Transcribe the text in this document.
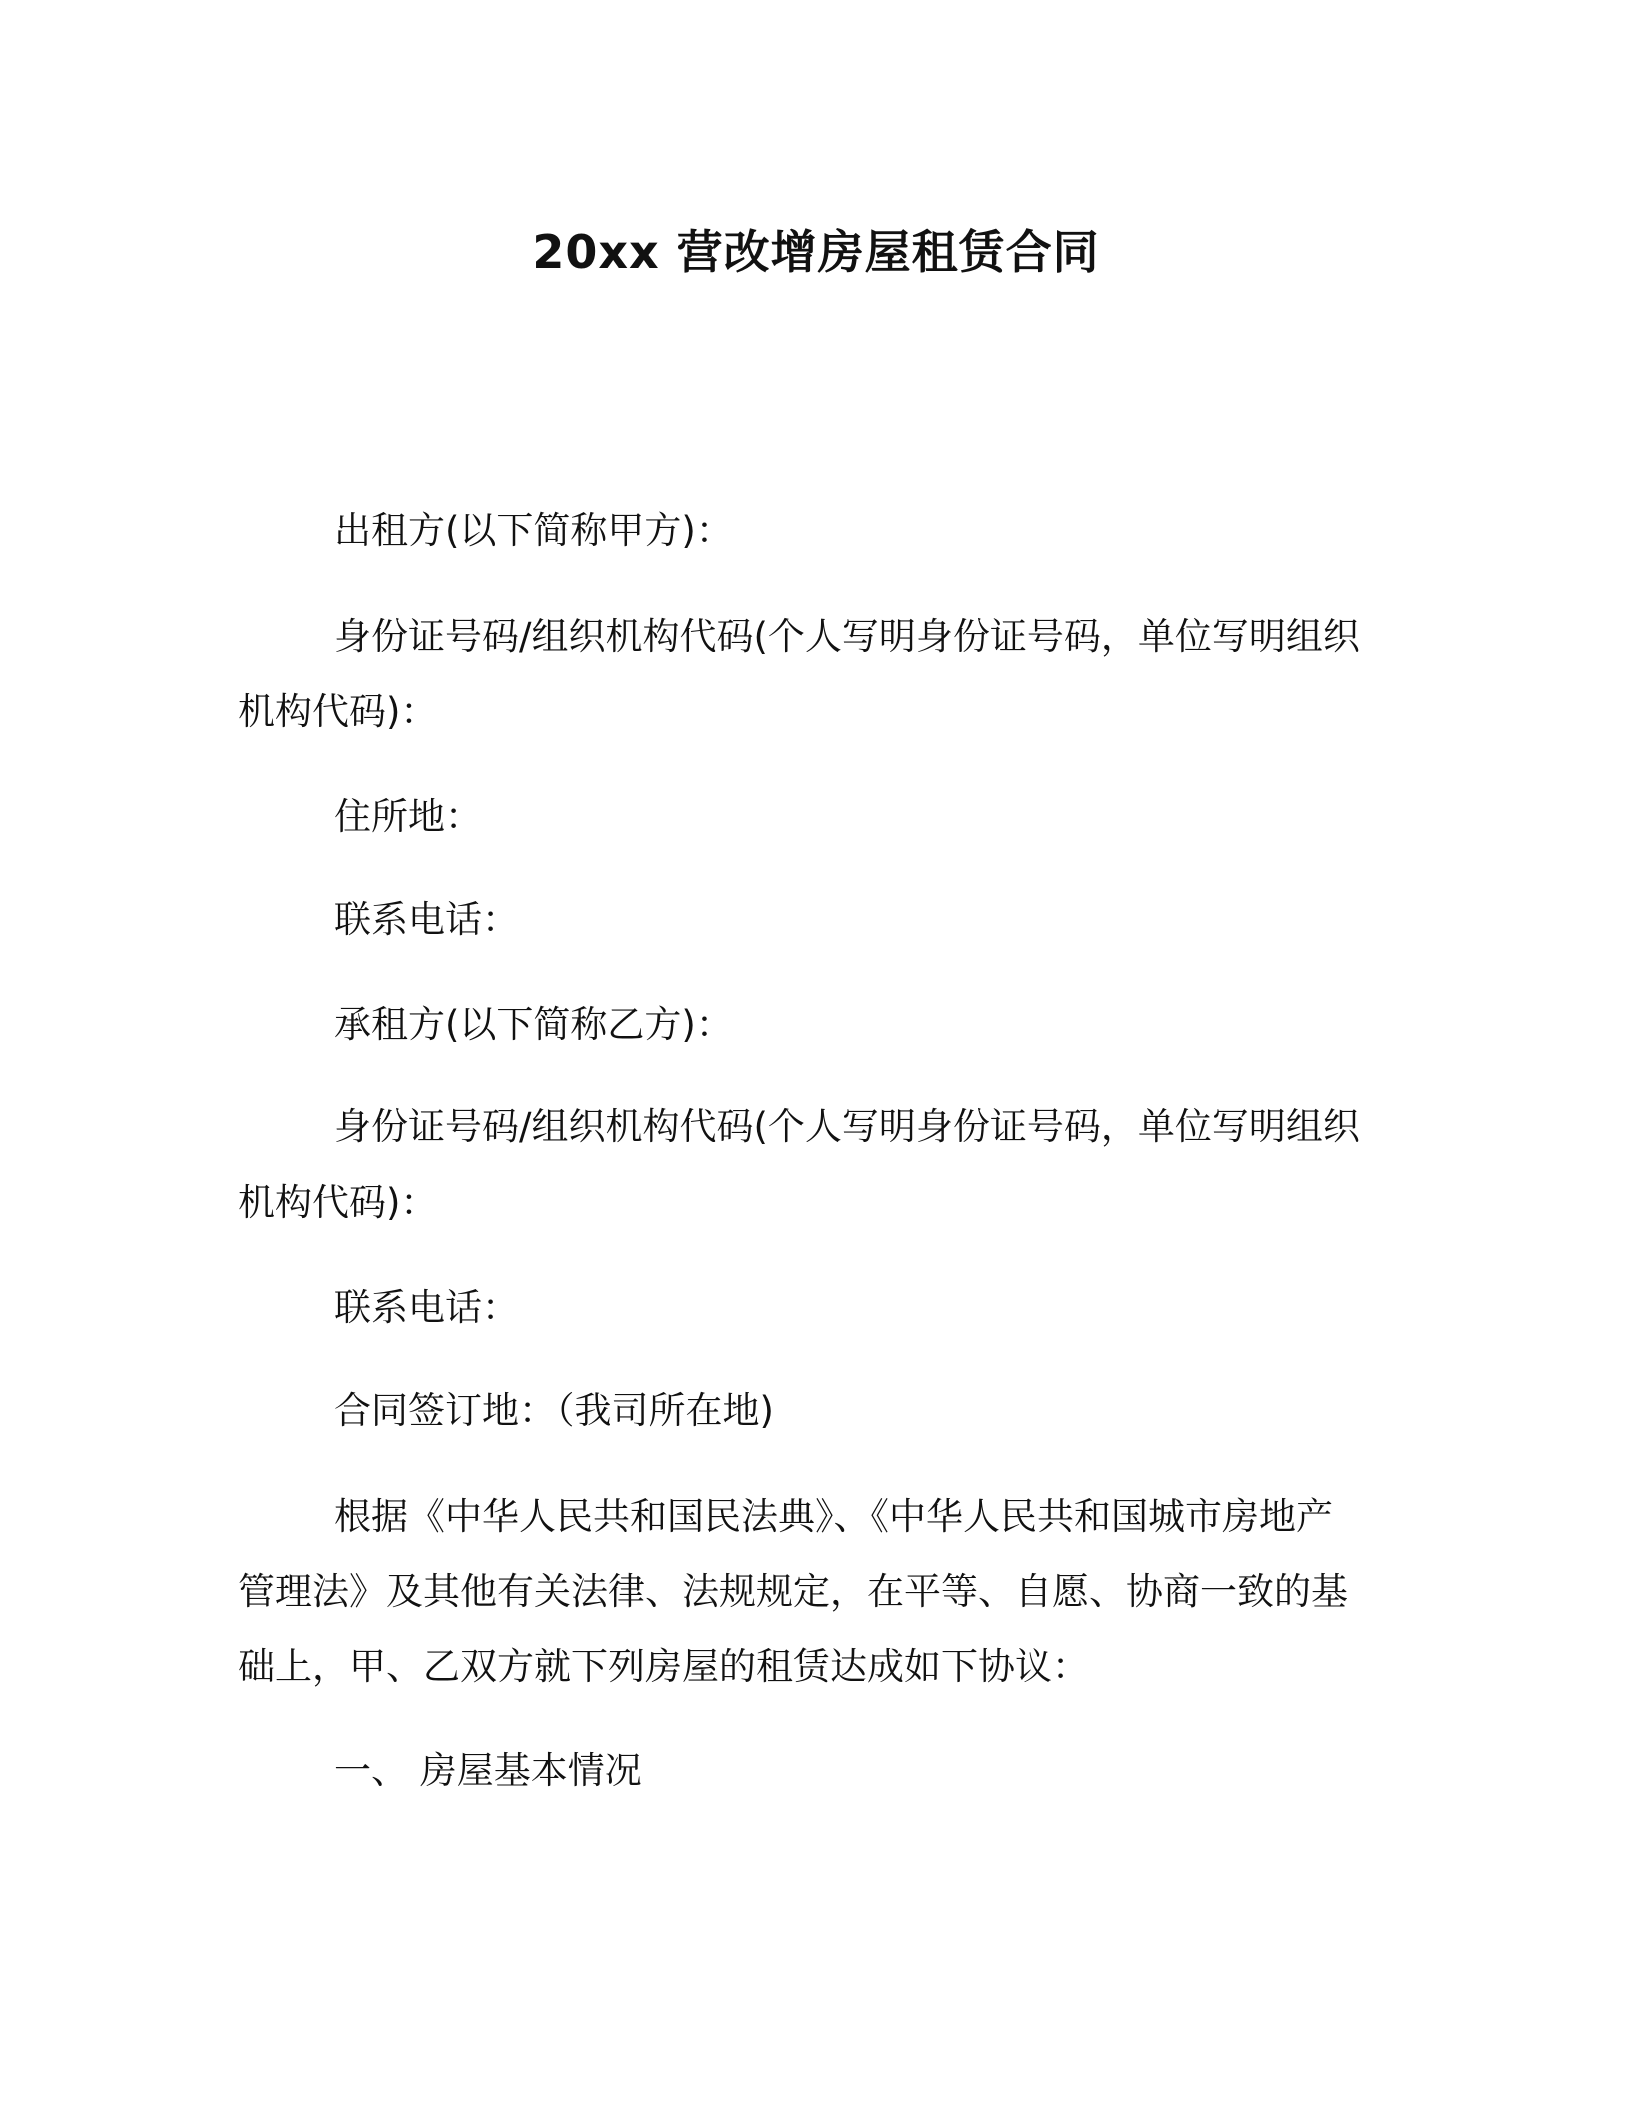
20xx 营改增房屋租赁合同
出租方(以下简称甲方)：
身份证号码/组织机构代码(个人写明身份证号码，单位写明组织
机构代码)：
住所地：
联系电话：
承租方(以下简称乙方)：
身份证号码/组织机构代码(个人写明身份证号码，单位写明组织
机构代码)：
联系电话：
合同签订地：（我司所在地)
根据《中华人民共和国民法典》、《中华人民共和国城市房地产
管理法》及其他有关法律、法规规定，在平等、自愿、协商一致的基
础上，甲、乙双方就下列房屋的租赁达成如下协议：
一、 房屋基本情况
